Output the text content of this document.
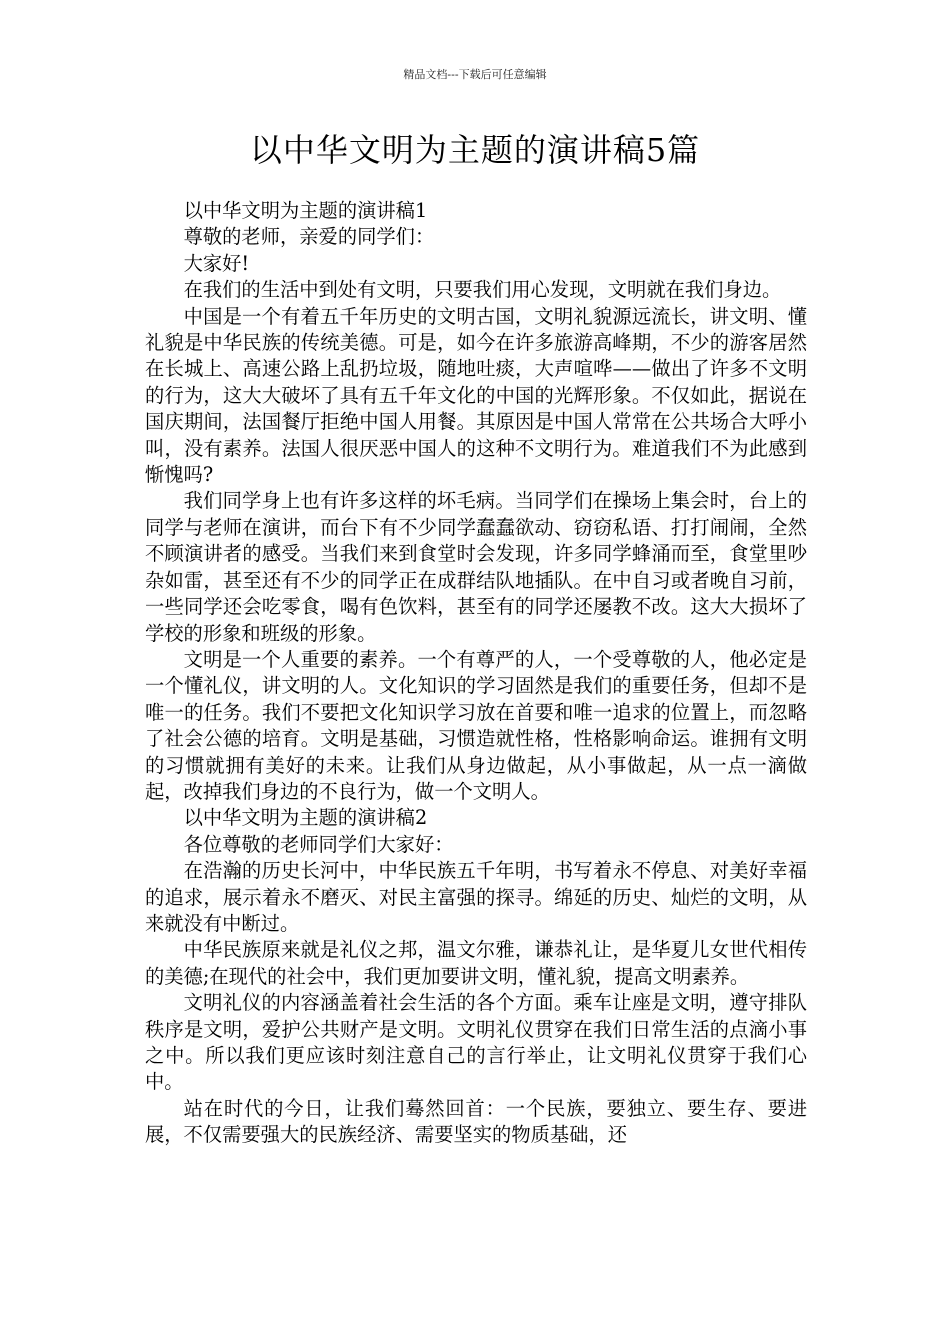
精品文档---下载后可任意编辑
以中华文明为主题的演讲稿5篇

以中华文明为主题的演讲稿1

尊敬的老师，亲爱的同学们：

大家好!

在我们的生活中到处有文明，只要我们用心发现，文明就在我们身边。

中国是一个有着五千年历史的文明古国，文明礼貌源远流长，讲文明、懂礼貌是中华民族的传统美德。可是，如今在许多旅游高峰期，不少的游客居然在长城上、高速公路上乱扔垃圾，随地吐痰，大声喧哗——做出了许多不文明的行为，这大大破坏了具有五千年文化的中国的光辉形象。不仅如此，据说在国庆期间，法国餐厅拒绝中国人用餐。其原因是中国人常常在公共场合大呼小叫，没有素养。法国人很厌恶中国人的这种不文明行为。难道我们不为此感到惭愧吗?

我们同学身上也有许多这样的坏毛病。当同学们在操场上集会时，台上的同学与老师在演讲，而台下有不少同学蠢蠢欲动、窃窃私语、打打闹闹，全然不顾演讲者的感受。当我们来到食堂时会发现，许多同学蜂涌而至，食堂里吵杂如雷，甚至还有不少的同学正在成群结队地插队。在中自习或者晚自习前，一些同学还会吃零食，喝有色饮料，甚至有的同学还屡教不改。这大大损坏了学校的形象和班级的形象。

文明是一个人重要的素养。一个有尊严的人，一个受尊敬的人，他必定是一个懂礼仪，讲文明的人。文化知识的学习固然是我们的重要任务，但却不是唯一的任务。我们不要把文化知识学习放在首要和唯一追求的位置上，而忽略了社会公德的培育。文明是基础，习惯造就性格，性格影响命运。谁拥有文明的习惯就拥有美好的未来。让我们从身边做起，从小事做起，从一点一滴做起，改掉我们身边的不良行为，做一个文明人。

以中华文明为主题的演讲稿2

各位尊敬的老师同学们大家好：

在浩瀚的历史长河中，中华民族五千年明，书写着永不停息、对美好幸福的追求，展示着永不磨灭、对民主富强的探寻。绵延的历史、灿烂的文明，从来就没有中断过。

中华民族原来就是礼仪之邦，温文尔雅，谦恭礼让，是华夏儿女世代相传的美德;在现代的社会中，我们更加要讲文明，懂礼貌，提高文明素养。

文明礼仪的内容涵盖着社会生活的各个方面。乘车让座是文明，遵守排队秩序是文明，爱护公共财产是文明。文明礼仪贯穿在我们日常生活的点滴小事之中。所以我们更应该时刻注意自己的言行举止，让文明礼仪贯穿于我们心中。

站在时代的今日，让我们蓦然回首：一个民族，要独立、要生存、要进展，不仅需要强大的民族经济、需要坚实的物质基础，还
